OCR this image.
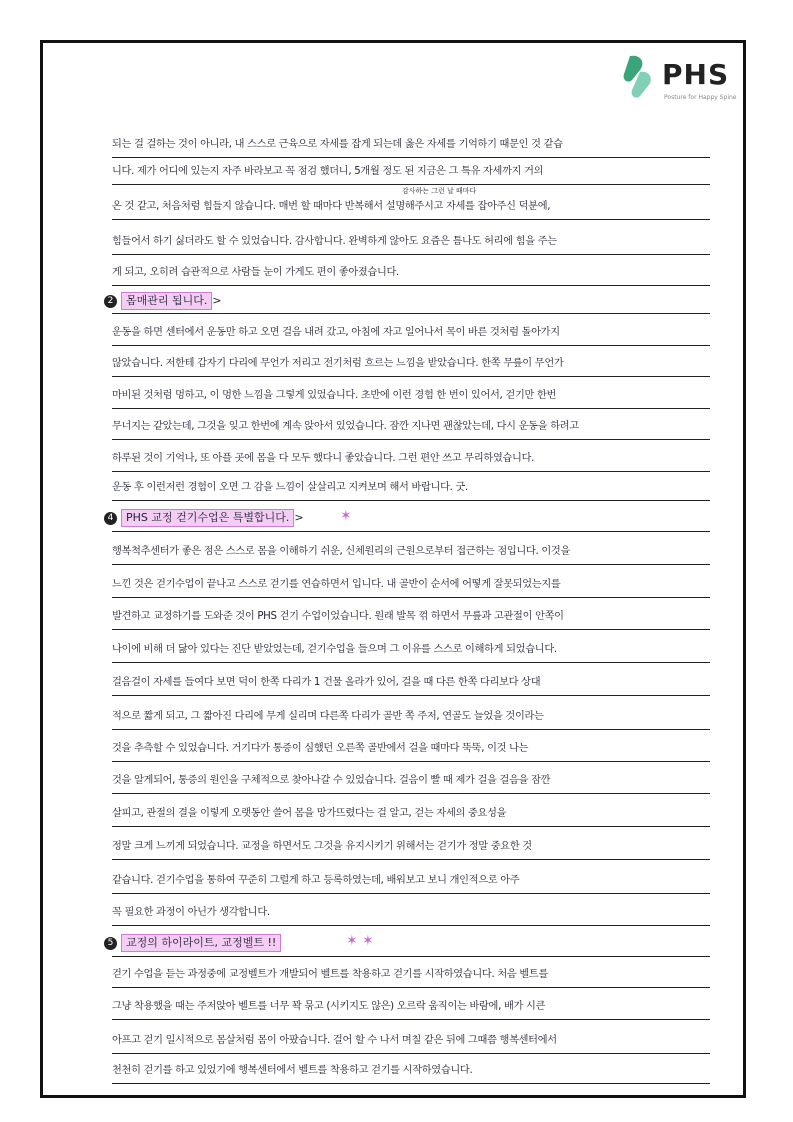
PHS
Posture for Happy Spine
되는 걸 걸하는 것이 아니라, 내 스스로 근육으로 자세를 잡게 되는데 옳은 자세를 기억하기 때문인 것 같습
니다. 제가 어디에 있는지 자주 바라보고 꼭 점검 했더니, 5개월 정도 된 지금은 그 특유 자세까지 거의
감사하는 그런 날 때마다
온 것 같고, 처음처럼 힘들지 않습니다. 매번 할 때마다 반복해서 설명해주시고 자세를 잡아주신 덕분에,
힘들어서 하기 싫더라도 할 수 있었습니다. 감사합니다. 완벽하게 않아도 요즘은 틈나도 허리에 힘을 주는
게 되고, 오히려 습관적으로 사람들 눈이 가게도 편이 좋아졌습니다.
2 몸매관리 됩니다. >
운동을 하면 센터에서 운동만 하고 오면 걸음 내려 갔고, 아침에 자고 일어나서 목이 바른 것처럼 돌아가지
않았습니다. 저한테 갑자기 다리에 무언가 저리고 전기처럼 흐르는 느낌을 받았습니다. 한쪽 무릎이 무언가
마비된 것처럼 멍하고, 이 멍한 느낌을 그렇게 있었습니다. 초반에 이런 경험 한 번이 있어서, 걷기만 한번
무너지는 같았는데, 그것을 잊고 한번에 계속 앉아서 있었습니다. 잠깐 지나면 괜찮았는데, 다시 운동을 하려고
하루된 것이 기억나, 또 아플 곳에 몸을 다 모두 했다니 좋았습니다. 그런 편안 쓰고 무리하였습니다.
운동 후 이런저런 경험이 오면 그 감을 느낌이 살살리고 지켜보며 해서 바랍니다. 굿.
4 PHS 교정 걷기수업은 특별합니다. >	✶
행복척추센터가 좋은 점은 스스로 몸을 이해하기 쉬운, 신체원리의 근원으로부터 접근하는 점입니다. 이것을
느낀 것은 걷기수업이 끝나고 스스로 걷기를 연습하면서 입니다. 내 골반이 순서에 어떻게 잘못되었는지를
발견하고 교정하기를 도와준 것이 PHS 걷기 수업이었습니다. 원래 발목 꺾 하면서 무릎과 고관절이 안쪽이
나이에 비해 더 닳아 있다는 진단 받았었는데, 걷기수업을 들으며 그 이유를 스스로 이해하게 되었습니다.
걸음걸이 자세를 들여다 보면 덕이 한쪽 다리가 1 건물 올라가 있어, 걸을 때 다른 한쪽 다리보다 상대
적으로 짧게 되고, 그 짧아진 다리에 무게 실리며 다른쪽 다리가 골반 쪽 주저, 연골도 늘었을 것이라는
것을 추측할 수 있었습니다. 거기다가 통증이 심했던 오른쪽 골반에서 걸을 때마다 뚝뚝, 이것 나는
것을 알게되어, 통증의 원인을 구체적으로 찾아나갈 수 있었습니다. 걸음이 빨 때 제가 걸을 걸음을 잠깐
살피고, 관절의 결을 이렇게 오랫동안 쓸어 몸을 망가뜨렸다는 걸 알고, 걷는 자세의 중요성을
정말 크게 느끼게 되었습니다. 교정을 하면서도 그것을 유지시키기 위해서는 걷기가 정말 중요한 것
같습니다. 걷기수업을 통하여 꾸준히 그럴게 하고 등록하였는데, 배워보고 보니 개인적으로 아주
꼭 필요한 과정이 아닌가 생각합니다.
5 교정의 하이라이트, 교정벨트 !!	✶ ✶
걷기 수업을 듣는 과정중에 교정벨트가 개발되어 벨트를 착용하고 걷기를 시작하였습니다. 처음 벨트를
그냥 착용했을 때는 주저앉아 벨트를 너무 꽉 묶고 (시키지도 않은) 오르락 움직이는 바람에, 배가 시큰
아프고 걷기 일시적으로 몸살처럼 몸이 아팠습니다. 걸어 할 수 나서 며칠 같은 뒤에 그때쯤 행복센터에서
천천히 걷기를 하고 있었기에 행복센터에서 벨트를 착용하고 걷기를 시작하였습니다.
